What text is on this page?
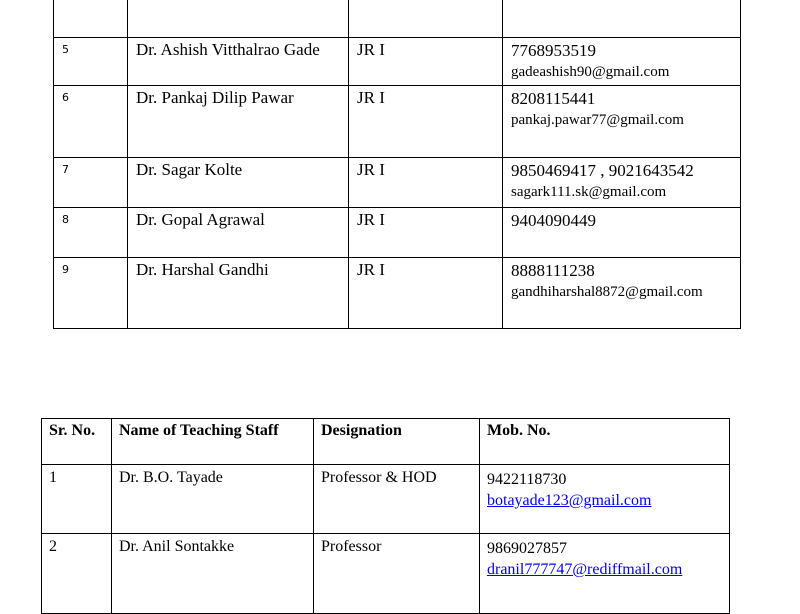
5	Dr. Ashish Vitthalrao Gade	JR I	7768953519
gadeashish90@gmail.com

6	Dr. Pankaj Dilip Pawar	JR I	8208115441
pankaj.pawar77@gmail.com

7	Dr. Sagar Kolte	JR I	9850469417 , 9021643542
sagark111.sk@gmail.com

8	Dr. Gopal Agrawal	JR I	9404090449

9	Dr. Harshal Gandhi	JR I	8888111238
gandhiharshal8872@gmail.com
Sr. No.	Name of Teaching Staff	Designation	Mob. No.
1	Dr. B.O. Tayade	Professor & HOD	9422118730
botayade123@gmail.com

2	Dr. Anil Sontakke	Professor	9869027857
dranil777747@rediffmail.com
